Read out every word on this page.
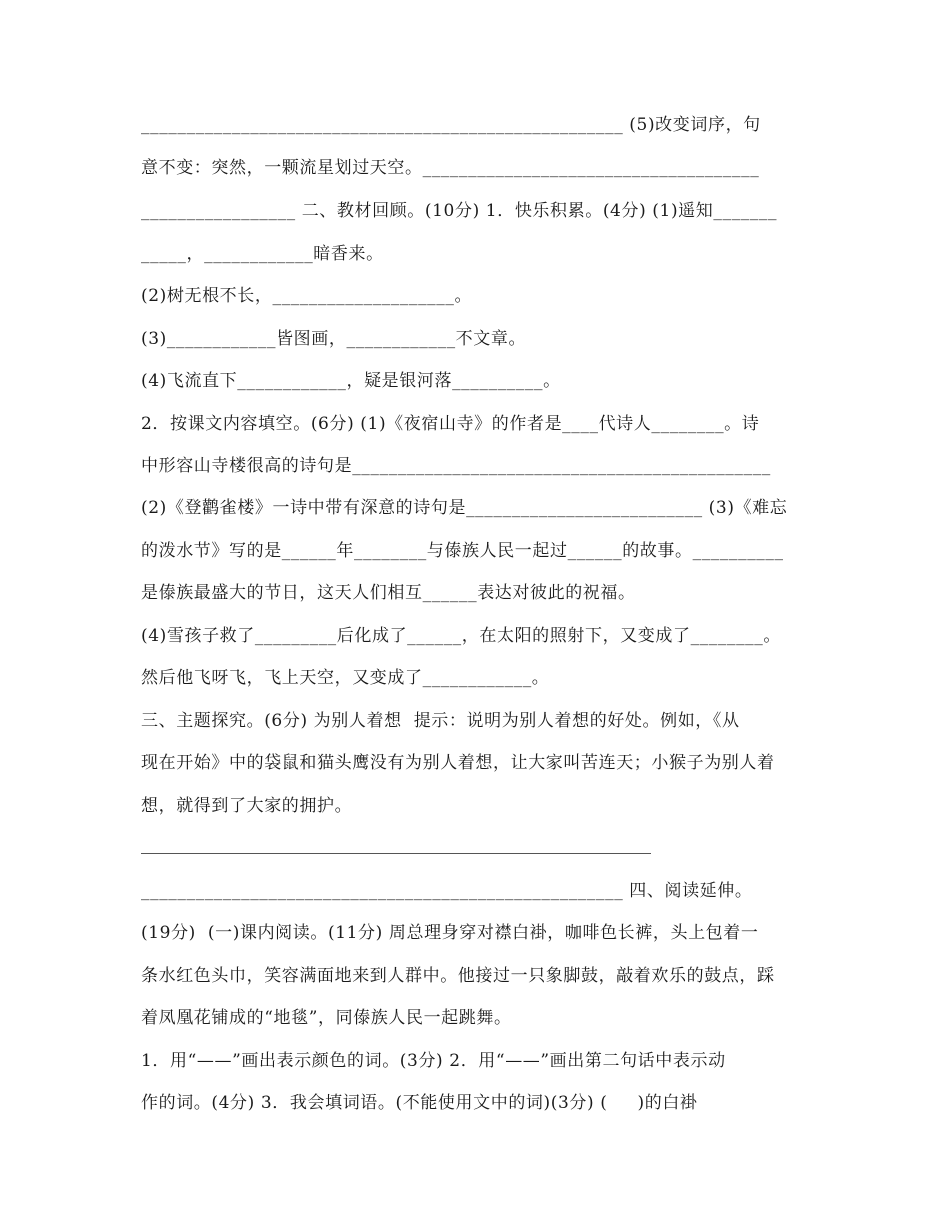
_____________________________________________________ (5)改变词序，句
意不变：突然，一颗流星划过天空。_____________________________________
_________________ 二、教材回顾。(10分) 1．快乐积累。(4分) (1)遥知_______
_____，____________暗香来。
(2)树无根不长，____________________。
(3)____________皆图画，____________不文章。
(4)飞流直下____________，疑是银河落__________。
2．按课文内容填空。(6分) (1)《夜宿山寺》的作者是____代诗人________。诗
中形容山寺楼很高的诗句是______________________________________________
(2)《登鹳雀楼》一诗中带有深意的诗句是__________________________ (3)《难忘
的泼水节》写的是______年________与傣族人民一起过______的故事。__________
是傣族最盛大的节日，这天人们相互______表达对彼此的祝福。
(4)雪孩子救了_________后化成了______，在太阳的照射下，又变成了________。
然后他飞呀飞，飞上天空，又变成了____________。
三、主题探究。(6分) 为别人着想  提示：说明为别人着想的好处。例如，《从
现在开始》中的袋鼠和猫头鹰没有为别人着想，让大家叫苦连天；小猴子为别人着
想，就得到了大家的拥护。
_____________________________________________________ 四、阅读延伸。
(19分)  (一)课内阅读。(11分) 周总理身穿对襟白褂，咖啡色长裤，头上包着一
条水红色头巾，笑容满面地来到人群中。他接过一只象脚鼓，敲着欢乐的鼓点，踩
着凤凰花铺成的“地毯”，同傣族人民一起跳舞。
1．用“——”画出表示颜色的词。(3分) 2．用“——”画出第二句话中表示动
作的词。(4分) 3．我会填词语。(不能使用文中的词)(3分) (     )的白褂
